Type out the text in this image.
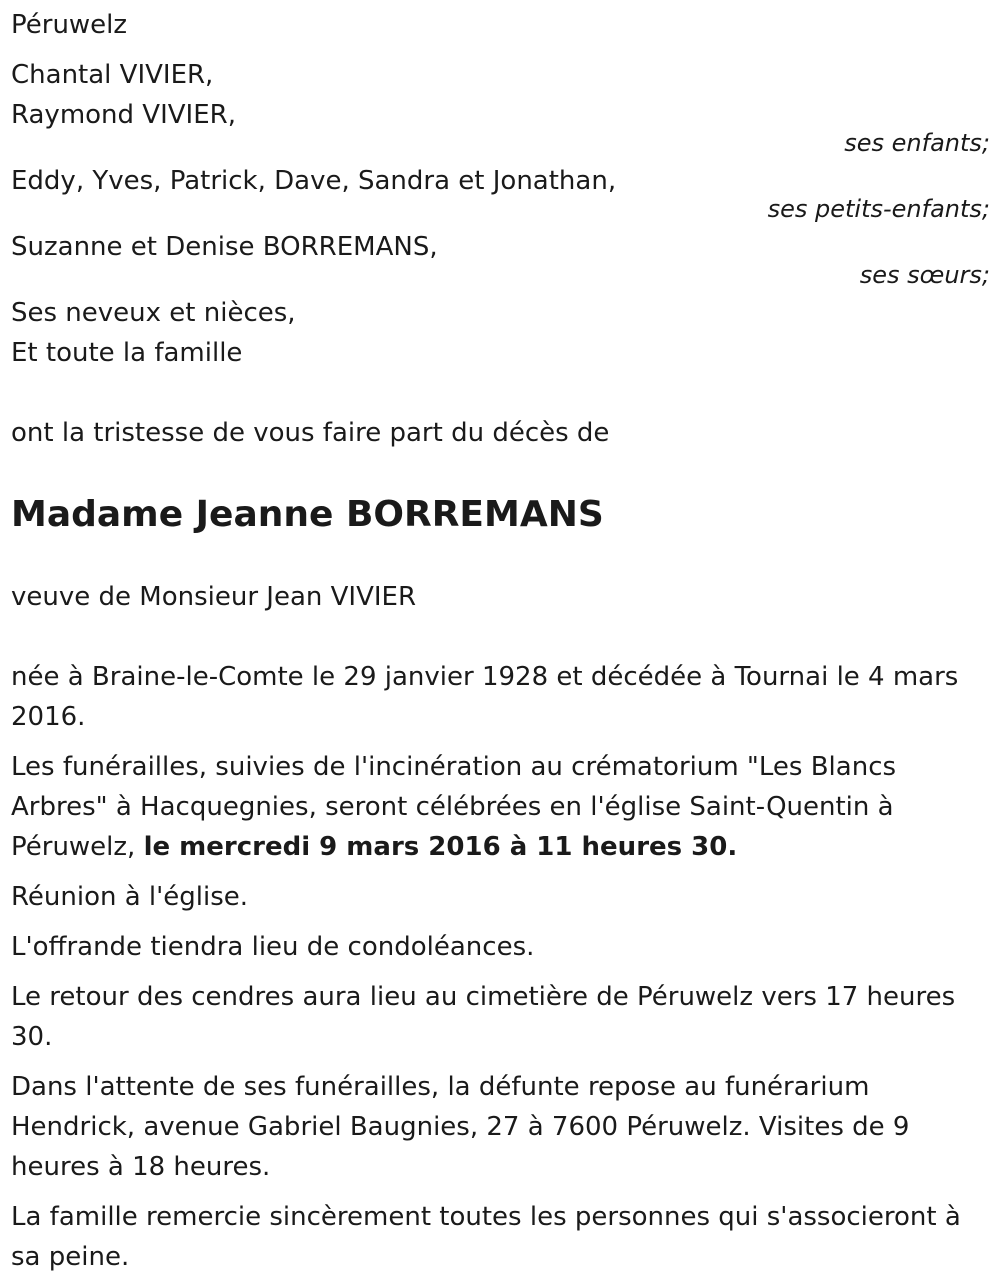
Péruwelz

Chantal VIVIER,

Raymond VIVIER,

ses enfants;

Eddy, Yves, Patrick, Dave, Sandra et Jonathan,

ses petits-enfants;

Suzanne et Denise BORREMANS,

ses sœurs;

Ses neveux et nièces,

Et toute la famille

ont la tristesse de vous faire part du décès de

Madame Jeanne BORREMANS

veuve de Monsieur Jean VIVIER

née à Braine-le-Comte le 29 janvier 1928 et décédée à Tournai le 4 mars 2016.

Les funérailles, suivies de l'incinération au crématorium "Les Blancs Arbres" à Hacquegnies, seront célébrées en l'église Saint-Quentin à Péruwelz, le mercredi 9 mars 2016 à 11 heures 30.

Réunion à l'église.

L'offrande tiendra lieu de condoléances.

Le retour des cendres aura lieu au cimetière de Péruwelz vers 17 heures 30.

Dans l'attente de ses funérailles, la défunte repose au funérarium Hendrick, avenue Gabriel Baugnies, 27 à 7600 Péruwelz. Visites de 9 heures à 18 heures.

La famille remercie sincèrement toutes les personnes qui s'associeront à sa peine.
